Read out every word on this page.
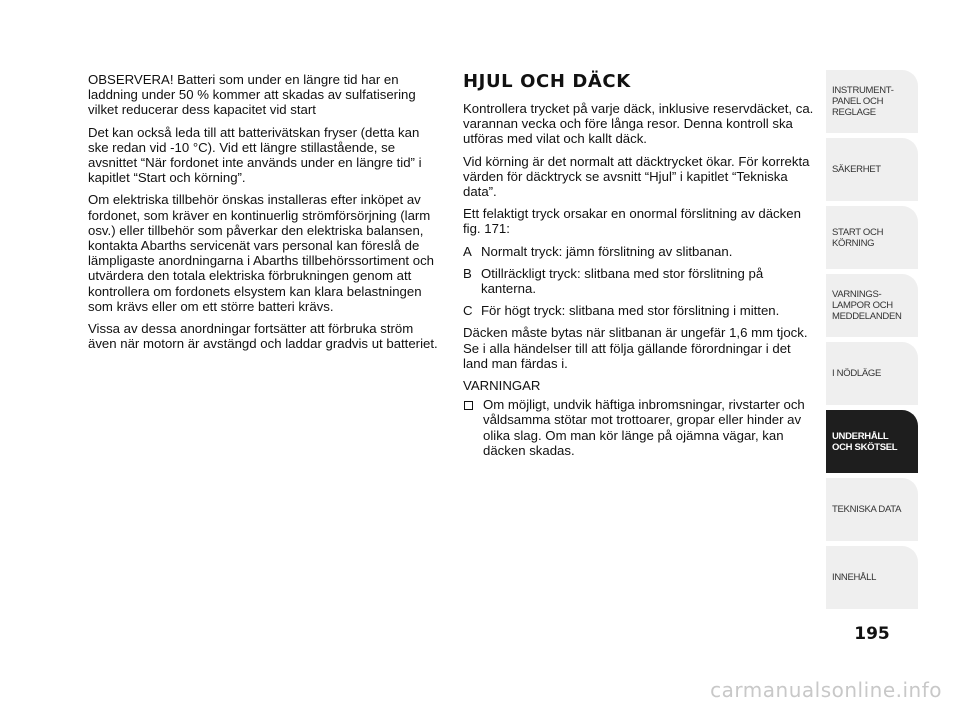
OBSERVERA! Batteri som under en längre tid har en laddning under 50 % kommer att skadas av sulfatisering vilket reducerar dess kapacitet vid start

Det kan också leda till att batterivätskan fryser (detta kan ske redan vid -10 °C). Vid ett längre stillastående, se avsnittet “När fordonet inte används under en längre tid” i kapitlet “Start och körning”.

Om elektriska tillbehör önskas installeras efter inköpet av fordonet, som kräver en kontinuerlig strömförsörjning (larm osv.) eller tillbehör som påverkar den elektriska balansen, kontakta Abarths servicenät vars personal kan föreslå de lämpligaste anordningarna i Abarths tillbehörssortiment och utvärdera den totala elektriska förbrukningen genom att kontrollera om fordonets elsystem kan klara belastningen som krävs eller om ett större batteri krävs.

Vissa av dessa anordningar fortsätter att förbruka ström även när motorn är avstängd och laddar gradvis ut batteriet.

HJUL OCH DÄCK

Kontrollera trycket på varje däck, inklusive reservdäcket, ca. varannan vecka och före långa resor. Denna kontroll ska utföras med vilat och kallt däck.

Vid körning är det normalt att däcktrycket ökar. För korrekta värden för däcktryck se avsnitt “Hjul” i kapitlet “Tekniska data”.

Ett felaktigt tryck orsakar en onormal förslitning av däcken fig. 171:

A Normalt tryck: jämn förslitning av slitbanan.
B Otillräckligt tryck: slitbana med stor förslitning på kanterna.
C För högt tryck: slitbana med stor förslitning i mitten.

Däcken måste bytas när slitbanan är ungefär 1,6 mm tjock. Se i alla händelser till att följa gällande förordningar i det land man färdas i.

VARNINGAR

Om möjligt, undvik häftiga inbromsningar, rivstarter och våldsamma stötar mot trottoarer, gropar eller hinder av olika slag. Om man kör länge på ojämna vägar, kan däcken skadas.
INSTRUMENT-
PANEL OCH
REGLAGE
SÄKERHET
START OCH
KÖRNING
VARNINGS-
LAMPOR OCH
MEDDELANDEN
I NÖDLÄGE
UNDERHÅLL
OCH SKÖTSEL
TEKNISKA DATA
INNEHÅLL
195
carmanualsonline.info
